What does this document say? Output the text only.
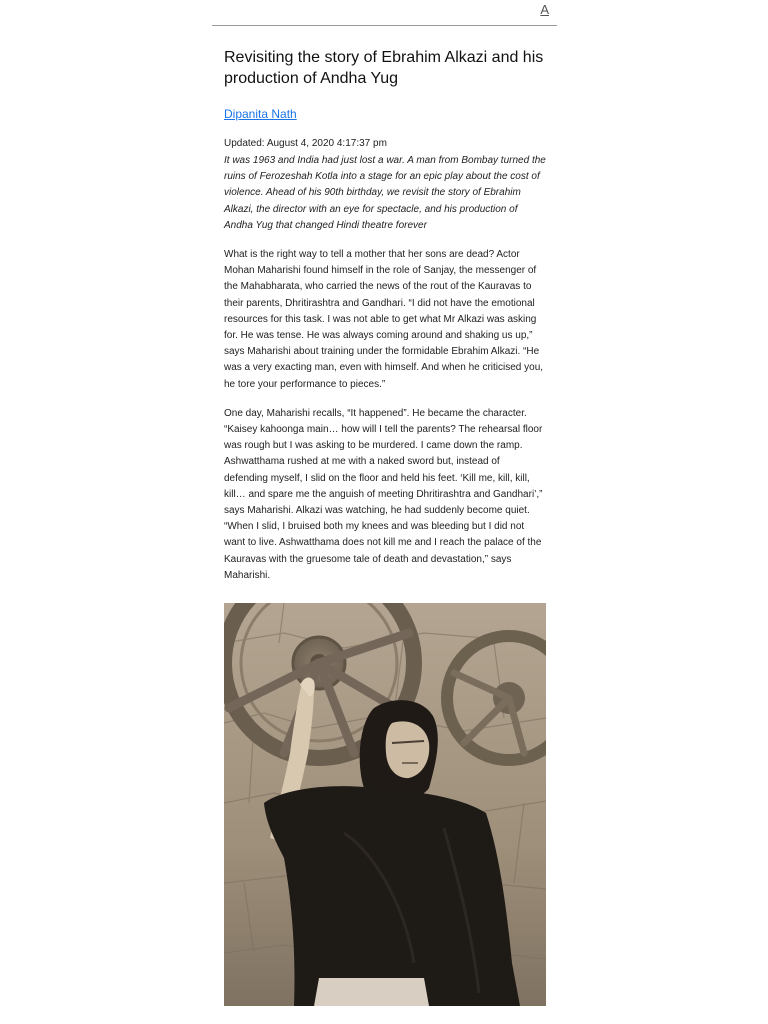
A
Revisiting the story of Ebrahim Alkazi and his production of Andha Yug
Dipanita Nath
Updated: August 4, 2020 4:17:37 pm

It was 1963 and India had just lost a war. A man from Bombay turned the ruins of Ferozeshah Kotla into a stage for an epic play about the cost of violence. Ahead of his 90th birthday, we revisit the story of Ebrahim Alkazi, the director with an eye for spectacle, and his production of Andha Yug that changed Hindi theatre forever

What is the right way to tell a mother that her sons are dead? Actor Mohan Maharishi found himself in the role of Sanjay, the messenger of the Mahabharata, who carried the news of the rout of the Kauravas to their parents, Dhritirashtra and Gandhari. “I did not have the emotional resources for this task. I was not able to get what Mr Alkazi was asking for. He was tense. He was always coming around and shaking us up,” says Maharishi about training under the formidable Ebrahim Alkazi. “He was a very exacting man, even with himself. And when he criticised you, he tore your performance to pieces.”

One day, Maharishi recalls, “It happened”. He became the character. “Kaisey kahoonga main… how will I tell the parents? The rehearsal floor was rough but I was asking to be murdered. I came down the ramp. Ashwatthama rushed at me with a naked sword but, instead of defending myself, I slid on the floor and held his feet. ‘Kill me, kill, kill, kill… and spare me the anguish of meeting Dhritirashtra and Gandhari’,” says Maharishi. Alkazi was watching, he had suddenly become quiet. “When I slid, I bruised both my knees and was bleeding but I did not want to live. Ashwatthama does not kill me and I reach the palace of the Kauravas with the gruesome tale of death and devastation,” says Maharishi.
